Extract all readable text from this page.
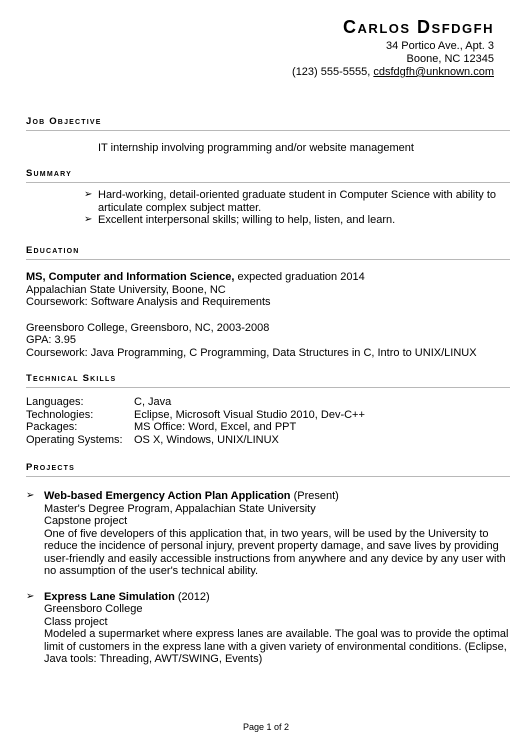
Carlos Dsfdgfh
34 Portico Ave., Apt. 3
Boone, NC 12345
(123) 555-5555, cdsfdgfh@unknown.com
Job Objective
IT internship involving programming and/or website management
Summary
➢ Hard-working, detail-oriented graduate student in Computer Science with ability to articulate complex subject matter.
➢ Excellent interpersonal skills; willing to help, listen, and learn.
Education
MS, Computer and Information Science, expected graduation 2014
Appalachian State University, Boone, NC
Coursework: Software Analysis and Requirements
Greensboro College, Greensboro, NC, 2003-2008
GPA: 3.95
Coursework: Java Programming, C Programming, Data Structures in C, Intro to UNIX/LINUX
Technical Skills
Languages:	C, Java
Technologies:	Eclipse, Microsoft Visual Studio 2010, Dev-C++
Packages:	MS Office: Word, Excel, and PPT
Operating Systems:	OS X, Windows, UNIX/LINUX
Projects
➢ Web-based Emergency Action Plan Application (Present)
Master's Degree Program, Appalachian State University
Capstone project
One of five developers of this application that, in two years, will be used by the University to reduce the incidence of personal injury, prevent property damage, and save lives by providing user-friendly and easily accessible instructions from anywhere and any device by any user with no assumption of the user's technical ability.
➢ Express Lane Simulation (2012)
Greensboro College
Class project
Modeled a supermarket where express lanes are available. The goal was to provide the optimal limit of customers in the express lane with a given variety of environmental conditions. (Eclipse, Java tools: Threading, AWT/SWING, Events)
Page 1 of 2
